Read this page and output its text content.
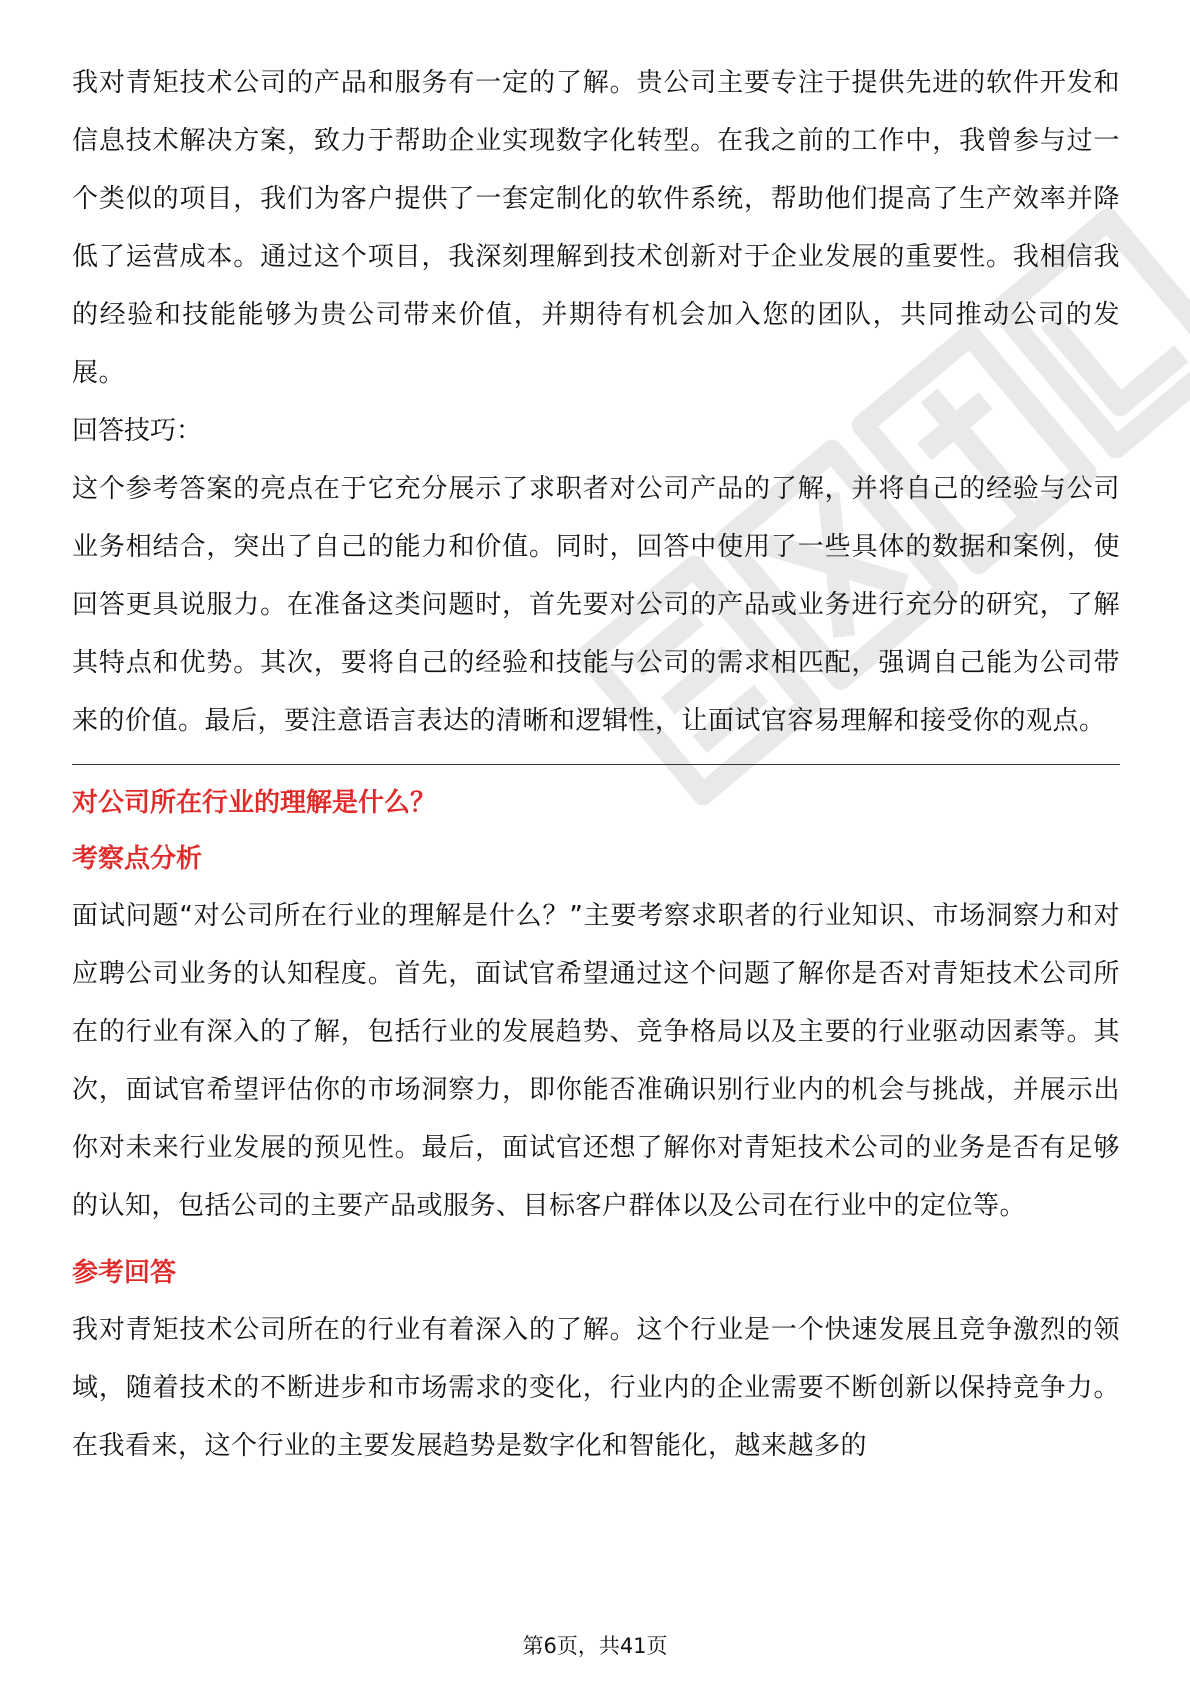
我对青矩技术公司的产品和服务有一定的了解。贵公司主要专注于提供先进的软件开发和信息技术解决方案，致力于帮助企业实现数字化转型。在我之前的工作中，我曾参与过一个类似的项目，我们为客户提供了一套定制化的软件系统，帮助他们提高了生产效率并降低了运营成本。通过这个项目，我深刻理解到技术创新对于企业发展的重要性。我相信我的经验和技能能够为贵公司带来价值，并期待有机会加入您的团队，共同推动公司的发展。

回答技巧：

这个参考答案的亮点在于它充分展示了求职者对公司产品的了解，并将自己的经验与公司业务相结合，突出了自己的能力和价值。同时，回答中使用了一些具体的数据和案例，使回答更具说服力。在准备这类问题时，首先要对公司的产品或业务进行充分的研究，了解其特点和优势。其次，要将自己的经验和技能与公司的需求相匹配，强调自己能为公司带来的价值。最后，要注意语言表达的清晰和逻辑性，让面试官容易理解和接受你的观点。

对公司所在行业的理解是什么？
考察点分析

面试问题“对公司所在行业的理解是什么？”主要考察求职者的行业知识、市场洞察力和对应聘公司业务的认知程度。首先，面试官希望通过这个问题了解你是否对青矩技术公司所在的行业有深入的了解，包括行业的发展趋势、竞争格局以及主要的行业驱动因素等。其次，面试官希望评估你的市场洞察力，即你能否准确识别行业内的机会与挑战，并展示出你对未来行业发展的预见性。最后，面试官还想了解你对青矩技术公司的业务是否有足够的认知，包括公司的主要产品或服务、目标客户群体以及公司在行业中的定位等。

参考回答

我对青矩技术公司所在的行业有着深入的了解。这个行业是一个快速发展且竞争激烈的领域，随着技术的不断进步和市场需求的变化，行业内的企业需要不断创新以保持竞争力。在我看来，这个行业的主要发展趋势是数字化和智能化，越来越多的

第6页，共41页
